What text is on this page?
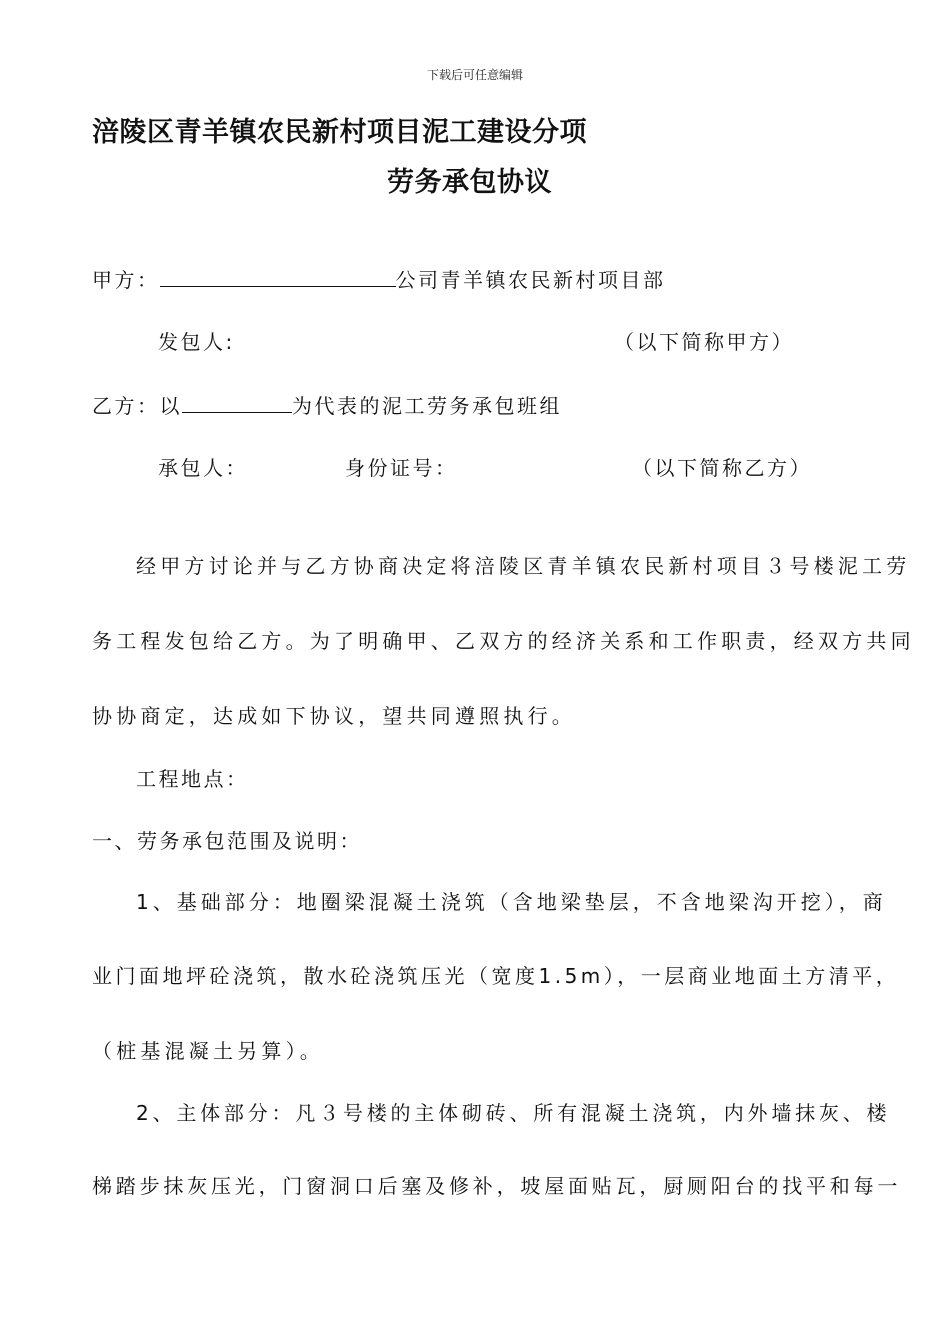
下载后可任意编辑
涪陵区青羊镇农民新村项目泥工建设分项
劳务承包协议
甲方：	公司青羊镇农民新村项目部
发包人:	（以下简称甲方）
乙方：以	为代表的泥工劳务承包班组
承包人：	身份证号：	（以下简称乙方）
经甲方讨论并与乙方协商决定将涪陵区青羊镇农民新村项目３号楼泥工劳
务工程发包给乙方。为了明确甲、乙双方的经济关系和工作职责，经双方共同
协协商定，达成如下协议，望共同遵照执行。
工程地点：
一、劳务承包范围及说明：
1、基础部分：地圈梁混凝土浇筑（含地梁垫层，不含地梁沟开挖），商
业门面地坪砼浇筑，散水砼浇筑压光（宽度1.5m），一层商业地面土方清平，
（桩基混凝土另算）。
2、主体部分：凡３号楼的主体砌砖、所有混凝土浇筑，内外墙抹灰、楼
梯踏步抹灰压光，门窗洞口后塞及修补，坡屋面贴瓦，厨厕阳台的找平和每一
